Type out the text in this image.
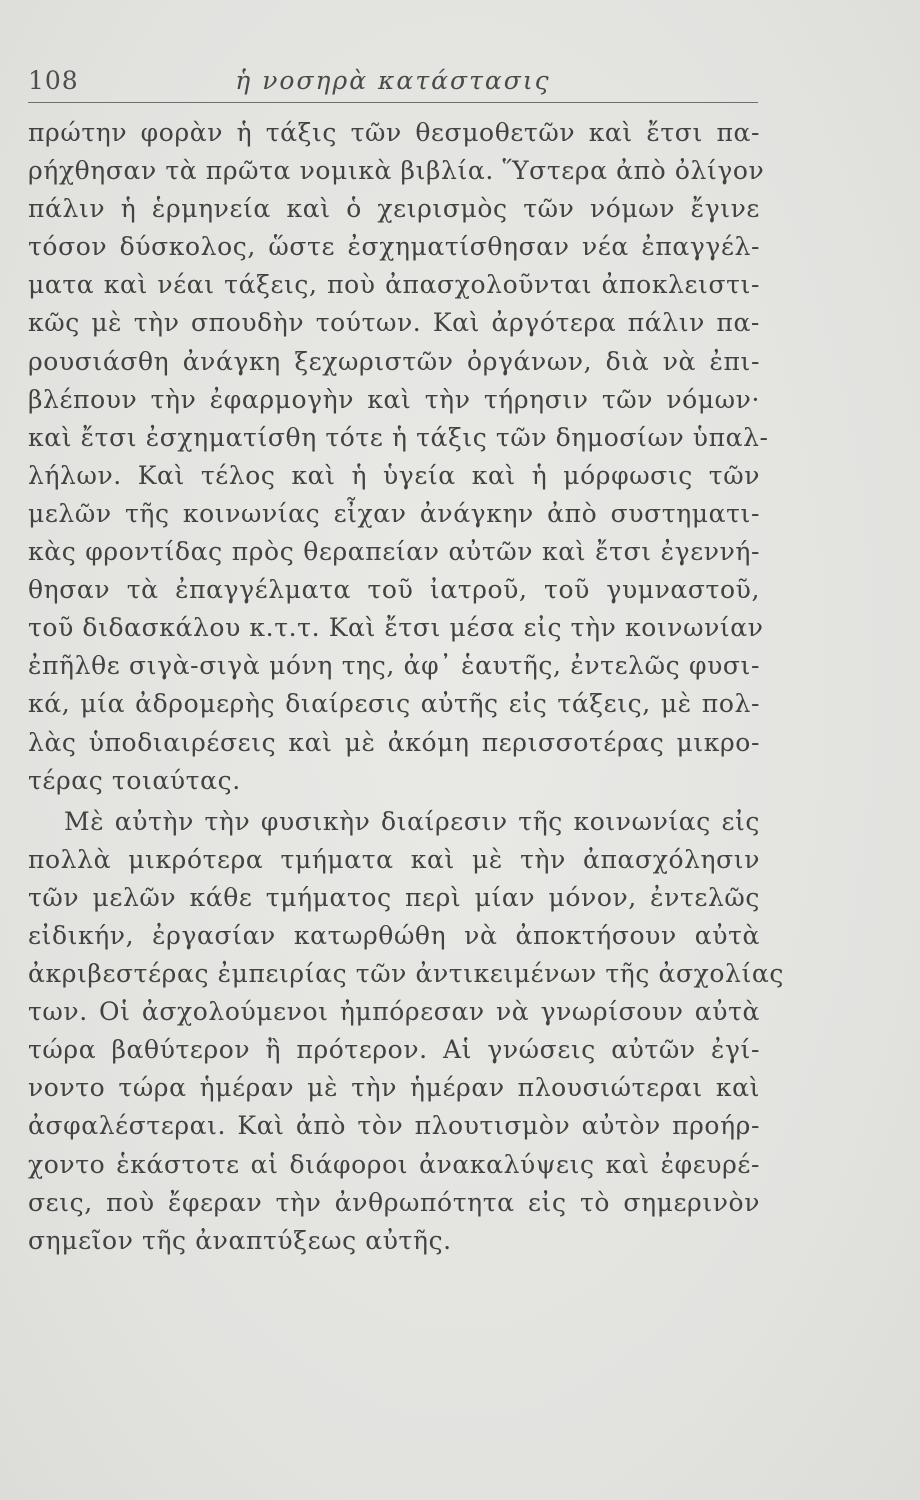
108	ἡ νοσηρὰ κατάστασις
πρώτην φορὰν ἡ τάξις τῶν θεσμοθετῶν καὶ ἔτσι πα-
ρήχθησαν τὰ πρῶτα νομικὰ βιβλία. Ὕστερα ἀπὸ ὀλίγον
πάλιν ἡ ἑρμηνεία καὶ ὁ χειρισμὸς τῶν νόμων ἔγινε
τόσον δύσκολος, ὥστε ἐσχηματίσθησαν νέα ἐπαγγέλ-
ματα καὶ νέαι τάξεις, ποὺ ἀπασχολοῦνται ἀποκλειστι-
κῶς μὲ τὴν σπουδὴν τούτων. Καὶ ἀργότερα πάλιν πα-
ρουσιάσθη ἀνάγκη ξεχωριστῶν ὀργάνων, διὰ νὰ ἐπι-
βλέπουν τὴν ἐφαρμογὴν καὶ τὴν τήρησιν τῶν νόμων·
καὶ ἔτσι ἐσχηματίσθη τότε ἡ τάξις τῶν δημοσίων ὑπαλ-
λήλων. Καὶ τέλος καὶ ἡ ὑγεία καὶ ἡ μόρφωσις τῶν
μελῶν τῆς κοινωνίας εἶχαν ἀνάγκην ἀπὸ συστηματι-
κὰς φροντίδας πρὸς θεραπείαν αὐτῶν καὶ ἔτσι ἐγεννή-
θησαν τὰ ἐπαγγέλματα τοῦ ἰατροῦ, τοῦ γυμναστοῦ,
τοῦ διδασκάλου κ.τ.τ. Καὶ ἔτσι μέσα εἰς τὴν κοινωνίαν
ἐπῆλθε σιγὰ-σιγὰ μόνη της, ἀφ᾽ ἑαυτῆς, ἐντελῶς φυσι-
κά, μία ἀδρομερὴς διαίρεσις αὐτῆς εἰς τάξεις, μὲ πολ-
λὰς ὑποδιαιρέσεις καὶ μὲ ἀκόμη περισσοτέρας μικρο-
τέρας τοιαύτας.
Μὲ αὐτὴν τὴν φυσικὴν διαίρεσιν τῆς κοινωνίας εἰς
πολλὰ μικρότερα τμήματα καὶ μὲ τὴν ἀπασχόλησιν
τῶν μελῶν κάθε τμήματος περὶ μίαν μόνον, ἐντελῶς
εἰδικήν, ἐργασίαν κατωρθώθη νὰ ἀποκτήσουν αὐτὰ
ἀκριβεστέρας ἐμπειρίας τῶν ἀντικειμένων τῆς ἀσχολίας
των. Οἱ ἀσχολούμενοι ἠμπόρεσαν νὰ γνωρίσουν αὐτὰ
τώρα βαθύτερον ἢ πρότερον. Αἱ γνώσεις αὐτῶν ἐγί-
νοντο τώρα ἡμέραν μὲ τὴν ἡμέραν πλουσιώτεραι καὶ
ἀσφαλέστεραι. Καὶ ἀπὸ τὸν πλουτισμὸν αὐτὸν προήρ-
χοντο ἑκάστοτε αἱ διάφοροι ἀνακαλύψεις καὶ ἐφευρέ-
σεις, ποὺ ἔφεραν τὴν ἀνθρωπότητα εἰς τὸ σημερινὸν
σημεῖον τῆς ἀναπτύξεως αὐτῆς.
